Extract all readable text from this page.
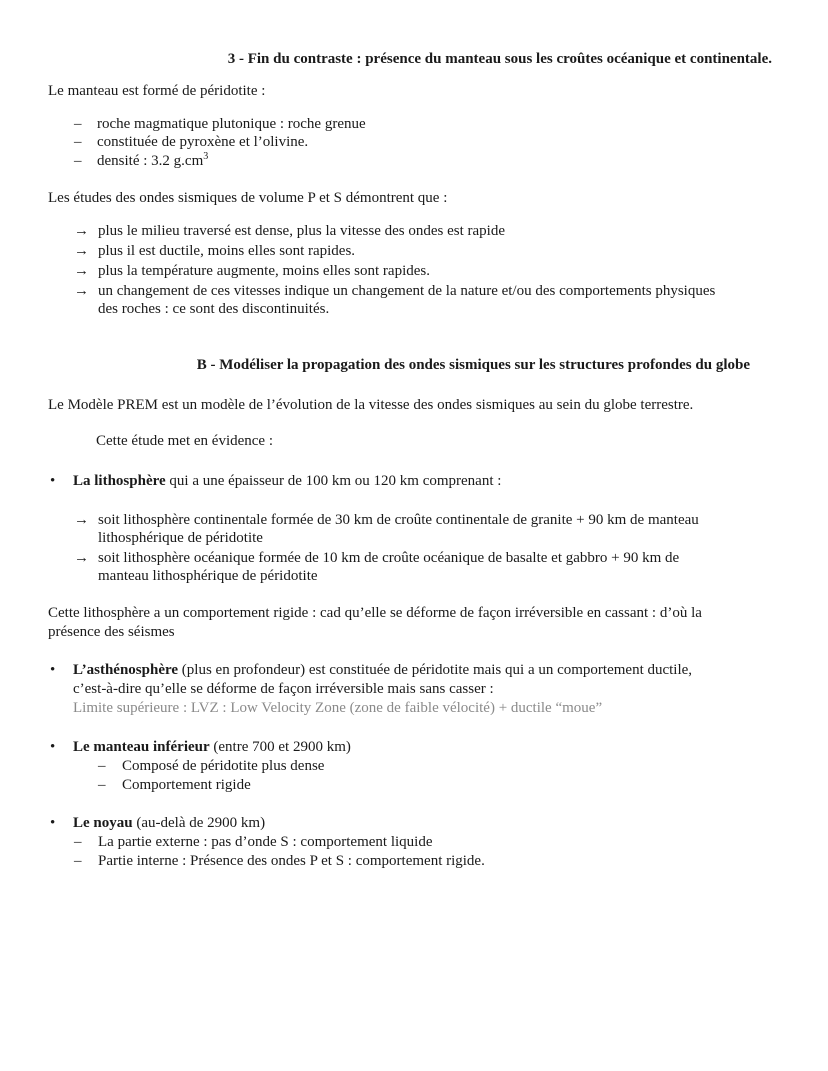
3 - Fin du contraste : présence du manteau sous les croûtes océanique et continentale.
Le manteau est formé de péridotite :
– roche magmatique plutonique : roche grenue
– constituée de pyroxène et l’olivine.
– densité : 3.2 $g.cm^3$
Les études des ondes sismiques de volume P et S démontrent que :
→ plus le milieu traversé est dense, plus la vitesse des ondes est rapide
→ plus il est ductile, moins elles sont rapides.
→ plus la température augmente, moins elles sont rapides.
→ un changement de ces vitesses indique un changement de la nature et/ou des comportements physiques
des roches : ce sont des discontinuités.
B - Modéliser la propagation des ondes sismiques sur les structures profondes du globe
Le Modèle PREM est un modèle de l’évolution de la vitesse des ondes sismiques au sein du globe terrestre.
Cette étude met en évidence :
• La lithosphère qui a une épaisseur de 100 km ou 120 km comprenant :
→ soit lithosphère continentale formée de 30 km de croûte continentale de granite + 90 km de manteau
lithosphérique de péridotite
→ soit lithosphère océanique formée de 10 km de croûte océanique de basalte et gabbro + 90 km de
manteau lithosphérique de péridotite
Cette lithosphère a un comportement rigide : cad qu’elle se déforme de façon irréversible en cassant : d’où la
présence des séismes
• L’asthénosphère (plus en profondeur) est constituée de péridotite mais qui a un comportement ductile,
c’est-à-dire qu’elle se déforme de façon irréversible mais sans casser :
Limite supérieure : LVZ : Low Velocity Zone (zone de faible vélocité) + ductile “moue”
• Le manteau inférieur (entre 700 et 2900 km)
– Composé de péridotite plus dense
– Comportement rigide
• Le noyau (au-delà de 2900 km)
– La partie externe : pas d’onde S : comportement liquide
– Partie interne : Présence des ondes P et S : comportement rigide.
